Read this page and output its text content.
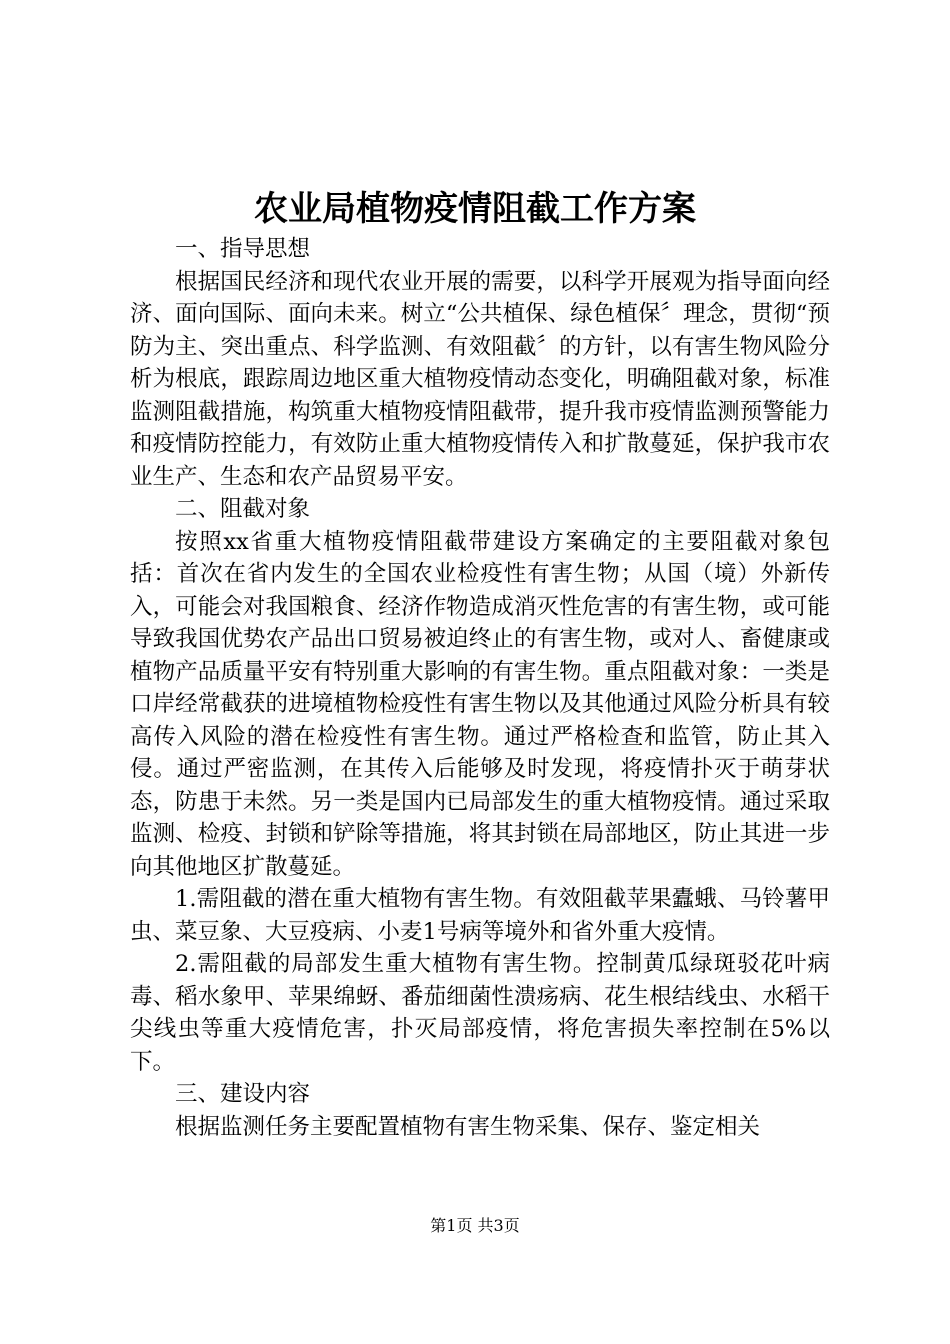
农业局植物疫情阻截工作方案

一、指导思想

根据国民经济和现代农业开展的需要，以科学开展观为指导面向经济、面向国际、面向未来。树立“公共植保、绿色植保〞理念，贯彻“预防为主、突出重点、科学监测、有效阻截〞的方针，以有害生物风险分析为根底，跟踪周边地区重大植物疫情动态变化，明确阻截对象，标准监测阻截措施，构筑重大植物疫情阻截带，提升我市疫情监测预警能力和疫情防控能力，有效防止重大植物疫情传入和扩散蔓延，保护我市农业生产、生态和农产品贸易平安。

二、阻截对象

按照xx省重大植物疫情阻截带建设方案确定的主要阻截对象包括：首次在省内发生的全国农业检疫性有害生物；从国（境）外新传入，可能会对我国粮食、经济作物造成消灭性危害的有害生物，或可能导致我国优势农产品出口贸易被迫终止的有害生物，或对人、畜健康或植物产品质量平安有特别重大影响的有害生物。重点阻截对象：一类是口岸经常截获的进境植物检疫性有害生物以及其他通过风险分析具有较高传入风险的潜在检疫性有害生物。通过严格检查和监管，防止其入侵。通过严密监测，在其传入后能够及时发现，将疫情扑灭于萌芽状态，防患于未然。另一类是国内已局部发生的重大植物疫情。通过采取监测、检疫、封锁和铲除等措施，将其封锁在局部地区，防止其进一步向其他地区扩散蔓延。

1.需阻截的潜在重大植物有害生物。有效阻截苹果蠹蛾、马铃薯甲虫、菜豆象、大豆疫病、小麦1号病等境外和省外重大疫情。

2.需阻截的局部发生重大植物有害生物。控制黄瓜绿斑驳花叶病毒、稻水象甲、苹果绵蚜、番茄细菌性溃疡病、花生根结线虫、水稻干尖线虫等重大疫情危害，扑灭局部疫情，将危害损失率控制在5%以下。

三、建设内容

根据监测任务主要配置植物有害生物采集、保存、鉴定相关

第1页 共3页
